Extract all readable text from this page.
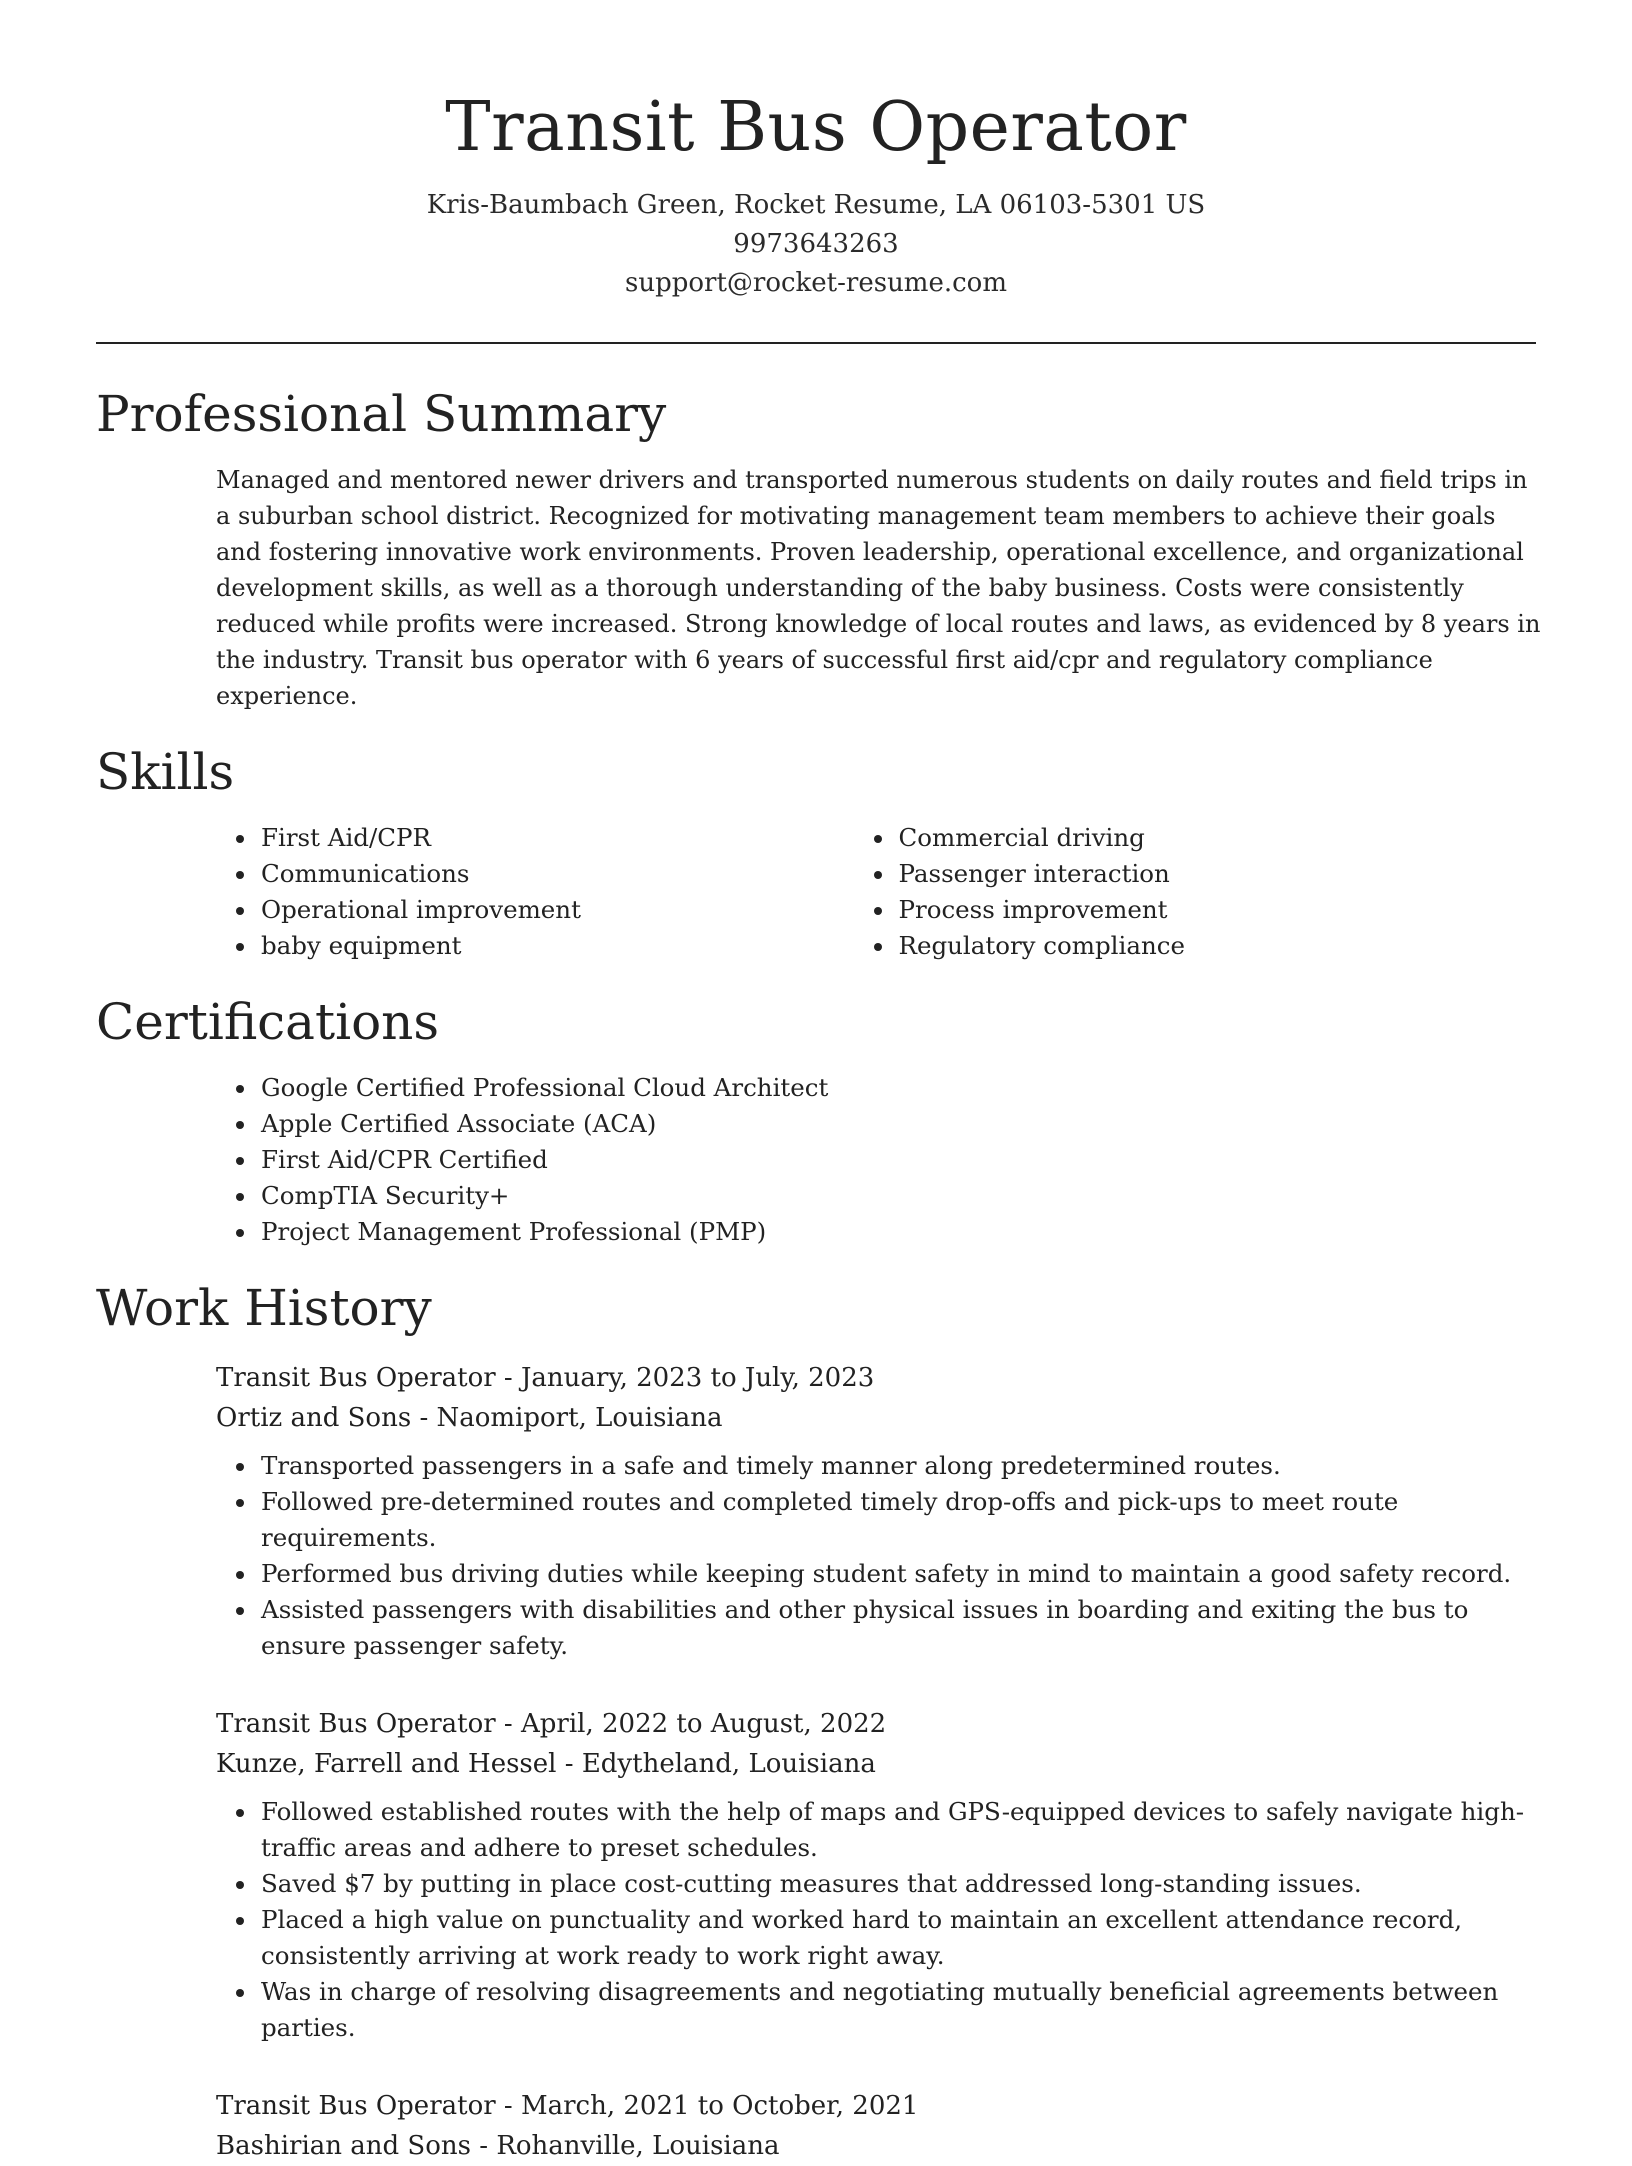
Transit Bus Operator
Kris-Baumbach Green, Rocket Resume, LA 06103-5301 US
9973643263
support@rocket-resume.com
Professional Summary

Managed and mentored newer drivers and transported numerous students on daily routes and field trips in a suburban school district. Recognized for motivating management team members to achieve their goals and fostering innovative work environments. Proven leadership, operational excellence, and organizational development skills, as well as a thorough understanding of the baby business. Costs were consistently reduced while profits were increased. Strong knowledge of local routes and laws, as evidenced by 8 years in the industry. Transit bus operator with 6 years of successful first aid/cpr and regulatory compliance experience.

Skills
First Aid/CPR
Communications
Operational improvement
baby equipment
Commercial driving
Passenger interaction
Process improvement
Regulatory compliance
Certifications
Google Certified Professional Cloud Architect
Apple Certified Associate (ACA)
First Aid/CPR Certified
CompTIA Security+
Project Management Professional (PMP)
Work History
Transit Bus Operator - January, 2023 to July, 2023
Ortiz and Sons - Naomiport, Louisiana
Transported passengers in a safe and timely manner along predetermined routes.
Followed pre-determined routes and completed timely drop-offs and pick-ups to meet route requirements.
Performed bus driving duties while keeping student safety in mind to maintain a good safety record.
Assisted passengers with disabilities and other physical issues in boarding and exiting the bus to ensure passenger safety.
Transit Bus Operator - April, 2022 to August, 2022
Kunze, Farrell and Hessel - Edytheland, Louisiana
Followed established routes with the help of maps and GPS-equipped devices to safely navigate high-traffic areas and adhere to preset schedules.
Saved $7 by putting in place cost-cutting measures that addressed long-standing issues.
Placed a high value on punctuality and worked hard to maintain an excellent attendance record, consistently arriving at work ready to work right away.
Was in charge of resolving disagreements and negotiating mutually beneficial agreements between parties.
Transit Bus Operator - March, 2021 to October, 2021
Bashirian and Sons - Rohanville, Louisiana
